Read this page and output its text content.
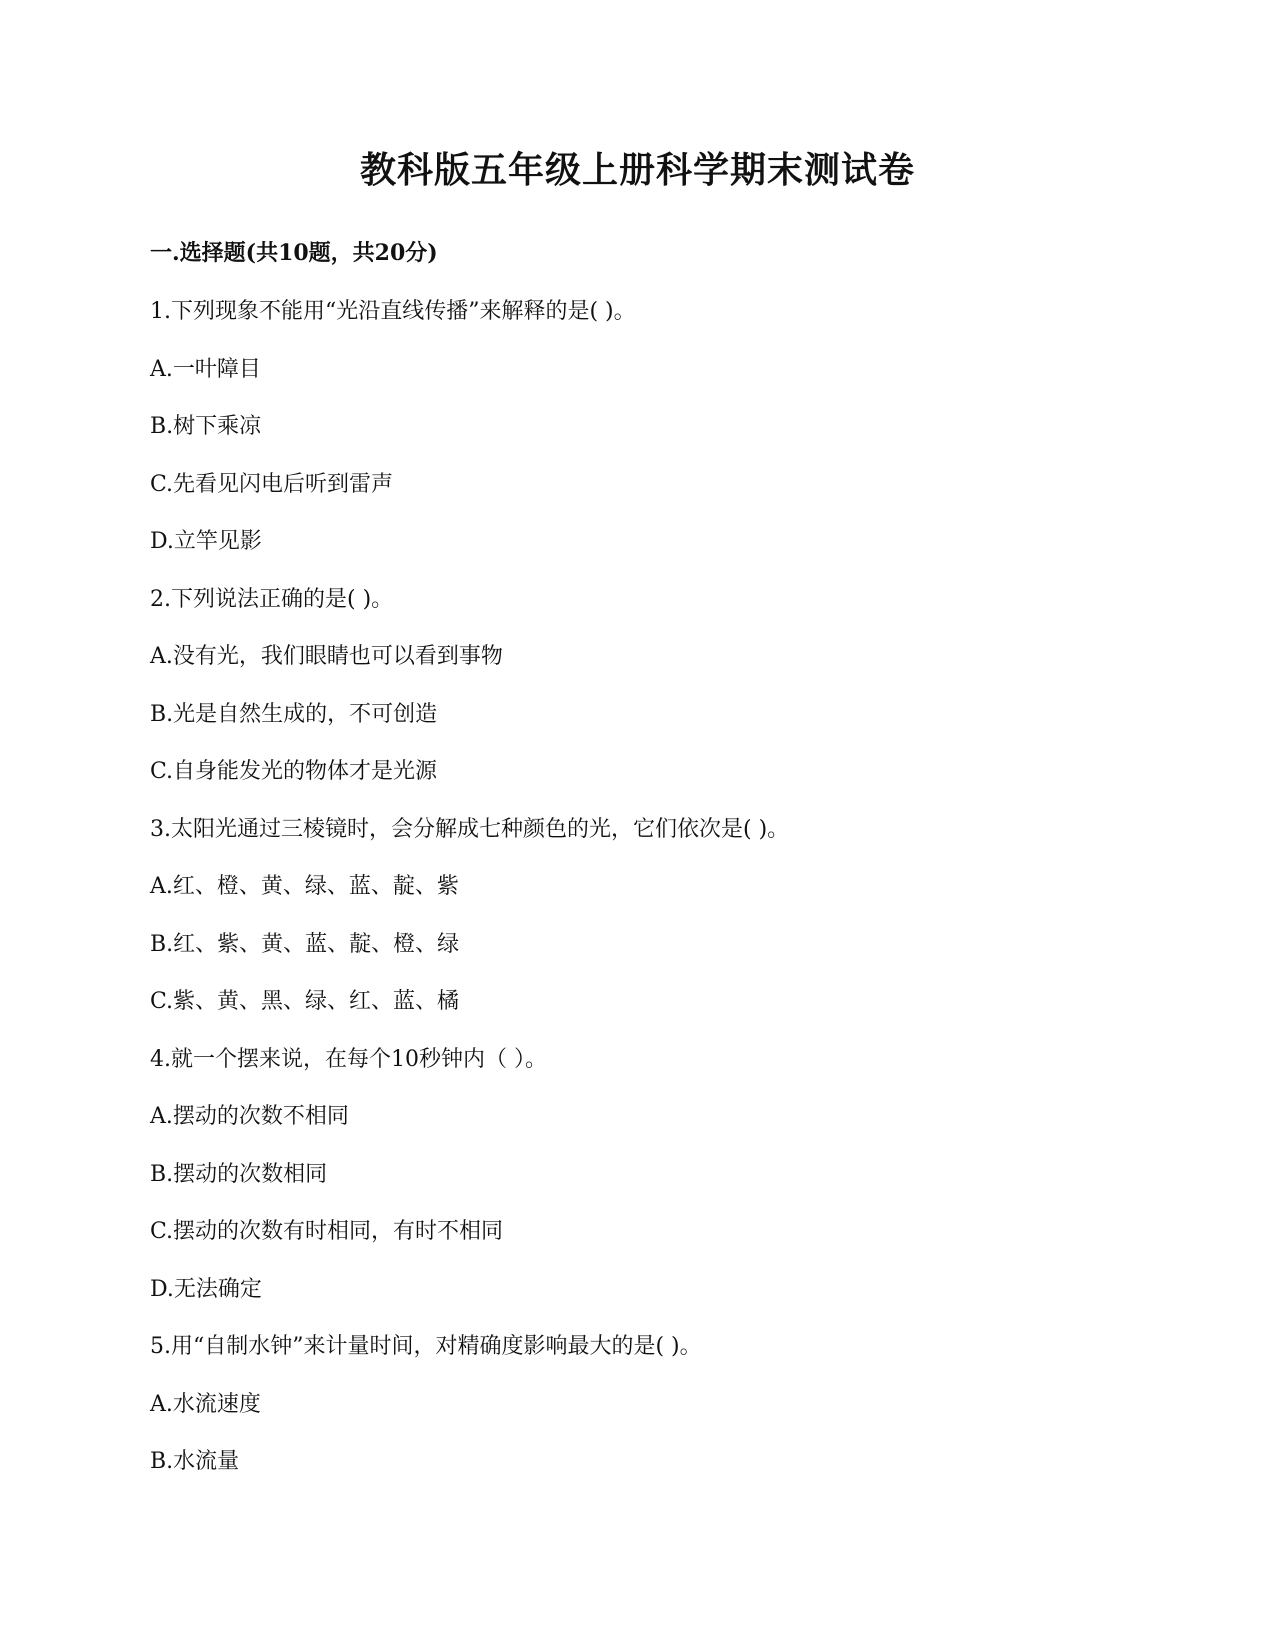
教科版五年级上册科学期末测试卷
一.选择题(共10题，共20分)
1.下列现象不能用“光沿直线传播”来解释的是( )。
A.一叶障目
B.树下乘凉
C.先看见闪电后听到雷声
D.立竿见影
2.下列说法正确的是( )。
A.没有光，我们眼睛也可以看到事物
B.光是自然生成的，不可创造
C.自身能发光的物体才是光源
3.太阳光通过三棱镜时，会分解成七种颜色的光，它们依次是( )。
A.红、橙、黄、绿、蓝、靛、紫
B.红、紫、黄、蓝、靛、橙、绿
C.紫、黄、黑、绿、红、蓝、橘
4.就一个摆来说，在每个10秒钟内（ ）。
A.摆动的次数不相同
B.摆动的次数相同
C.摆动的次数有时相同，有时不相同
D.无法确定
5.用“自制水钟”来计量时间，对精确度影响最大的是( )。
A.水流速度
B.水流量
